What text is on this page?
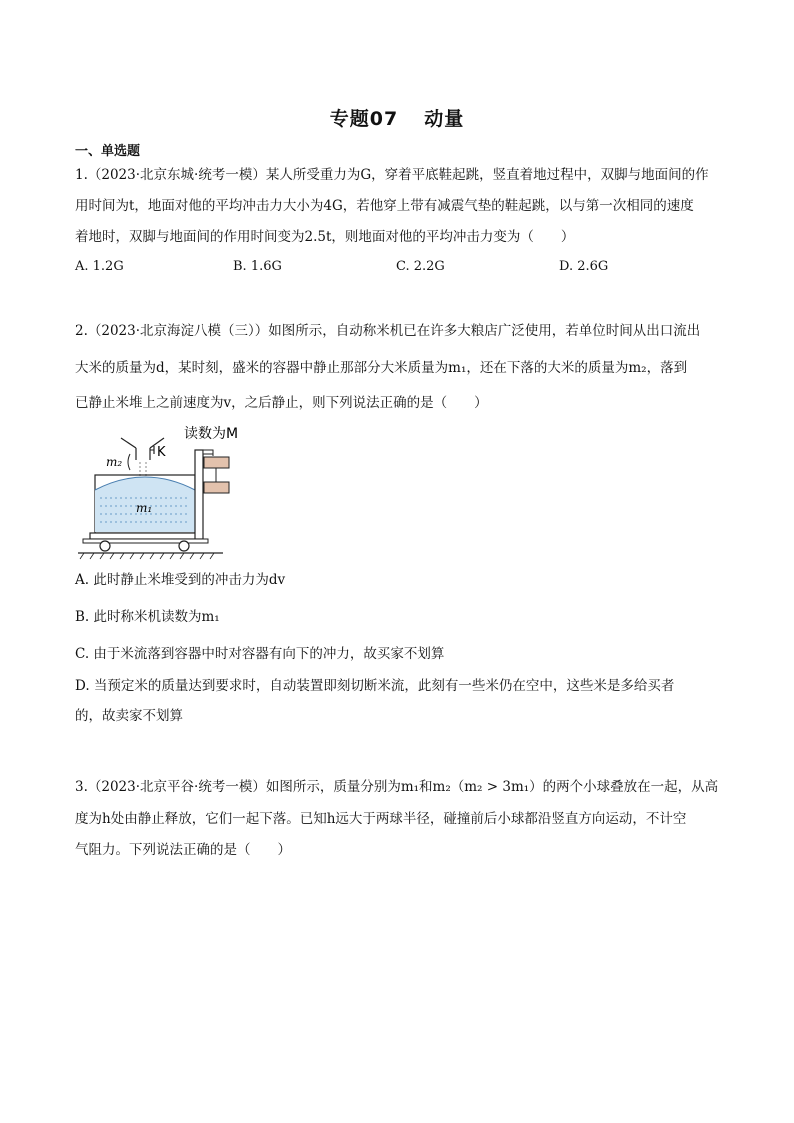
专题07 动量
一、单选题
1.（2023·北京东城·统考一模）某人所受重力为G，穿着平底鞋起跳，竖直着地过程中，双脚与地面间的作
用时间为t，地面对他的平均冲击力大小为4G，若他穿上带有减震气垫的鞋起跳，以与第一次相同的速度
着地时，双脚与地面间的作用时间变为2.5t，则地面对他的平均冲击力变为（　　）
A. 1.2G	B. 1.6G	C. 2.2G	D. 2.6G
2.（2023·北京海淀八模（三））如图所示，自动称米机已在许多大粮店广泛使用，若单位时间从出口流出
大米的质量为d，某时刻，盛米的容器中静止那部分大米质量为m₁，还在下落的大米的质量为m₂，落到
已静止米堆上之前速度为v，之后静止，则下列说法正确的是（　　）
K
m₂
m₁
读数为M
A. 此时静止米堆受到的冲击力为dv
B. 此时称米机读数为m₁
C. 由于米流落到容器中时对容器有向下的冲力，故买家不划算
D. 当预定米的质量达到要求时，自动装置即刻切断米流，此刻有一些米仍在空中，这些米是多给买者
的，故卖家不划算
3.（2023·北京平谷·统考一模）如图所示，质量分别为m₁和m₂（m₂ > 3m₁）的两个小球叠放在一起，从高
度为h处由静止释放，它们一起下落。已知h远大于两球半径，碰撞前后小球都沿竖直方向运动，不计空
气阻力。下列说法正确的是（　　）
